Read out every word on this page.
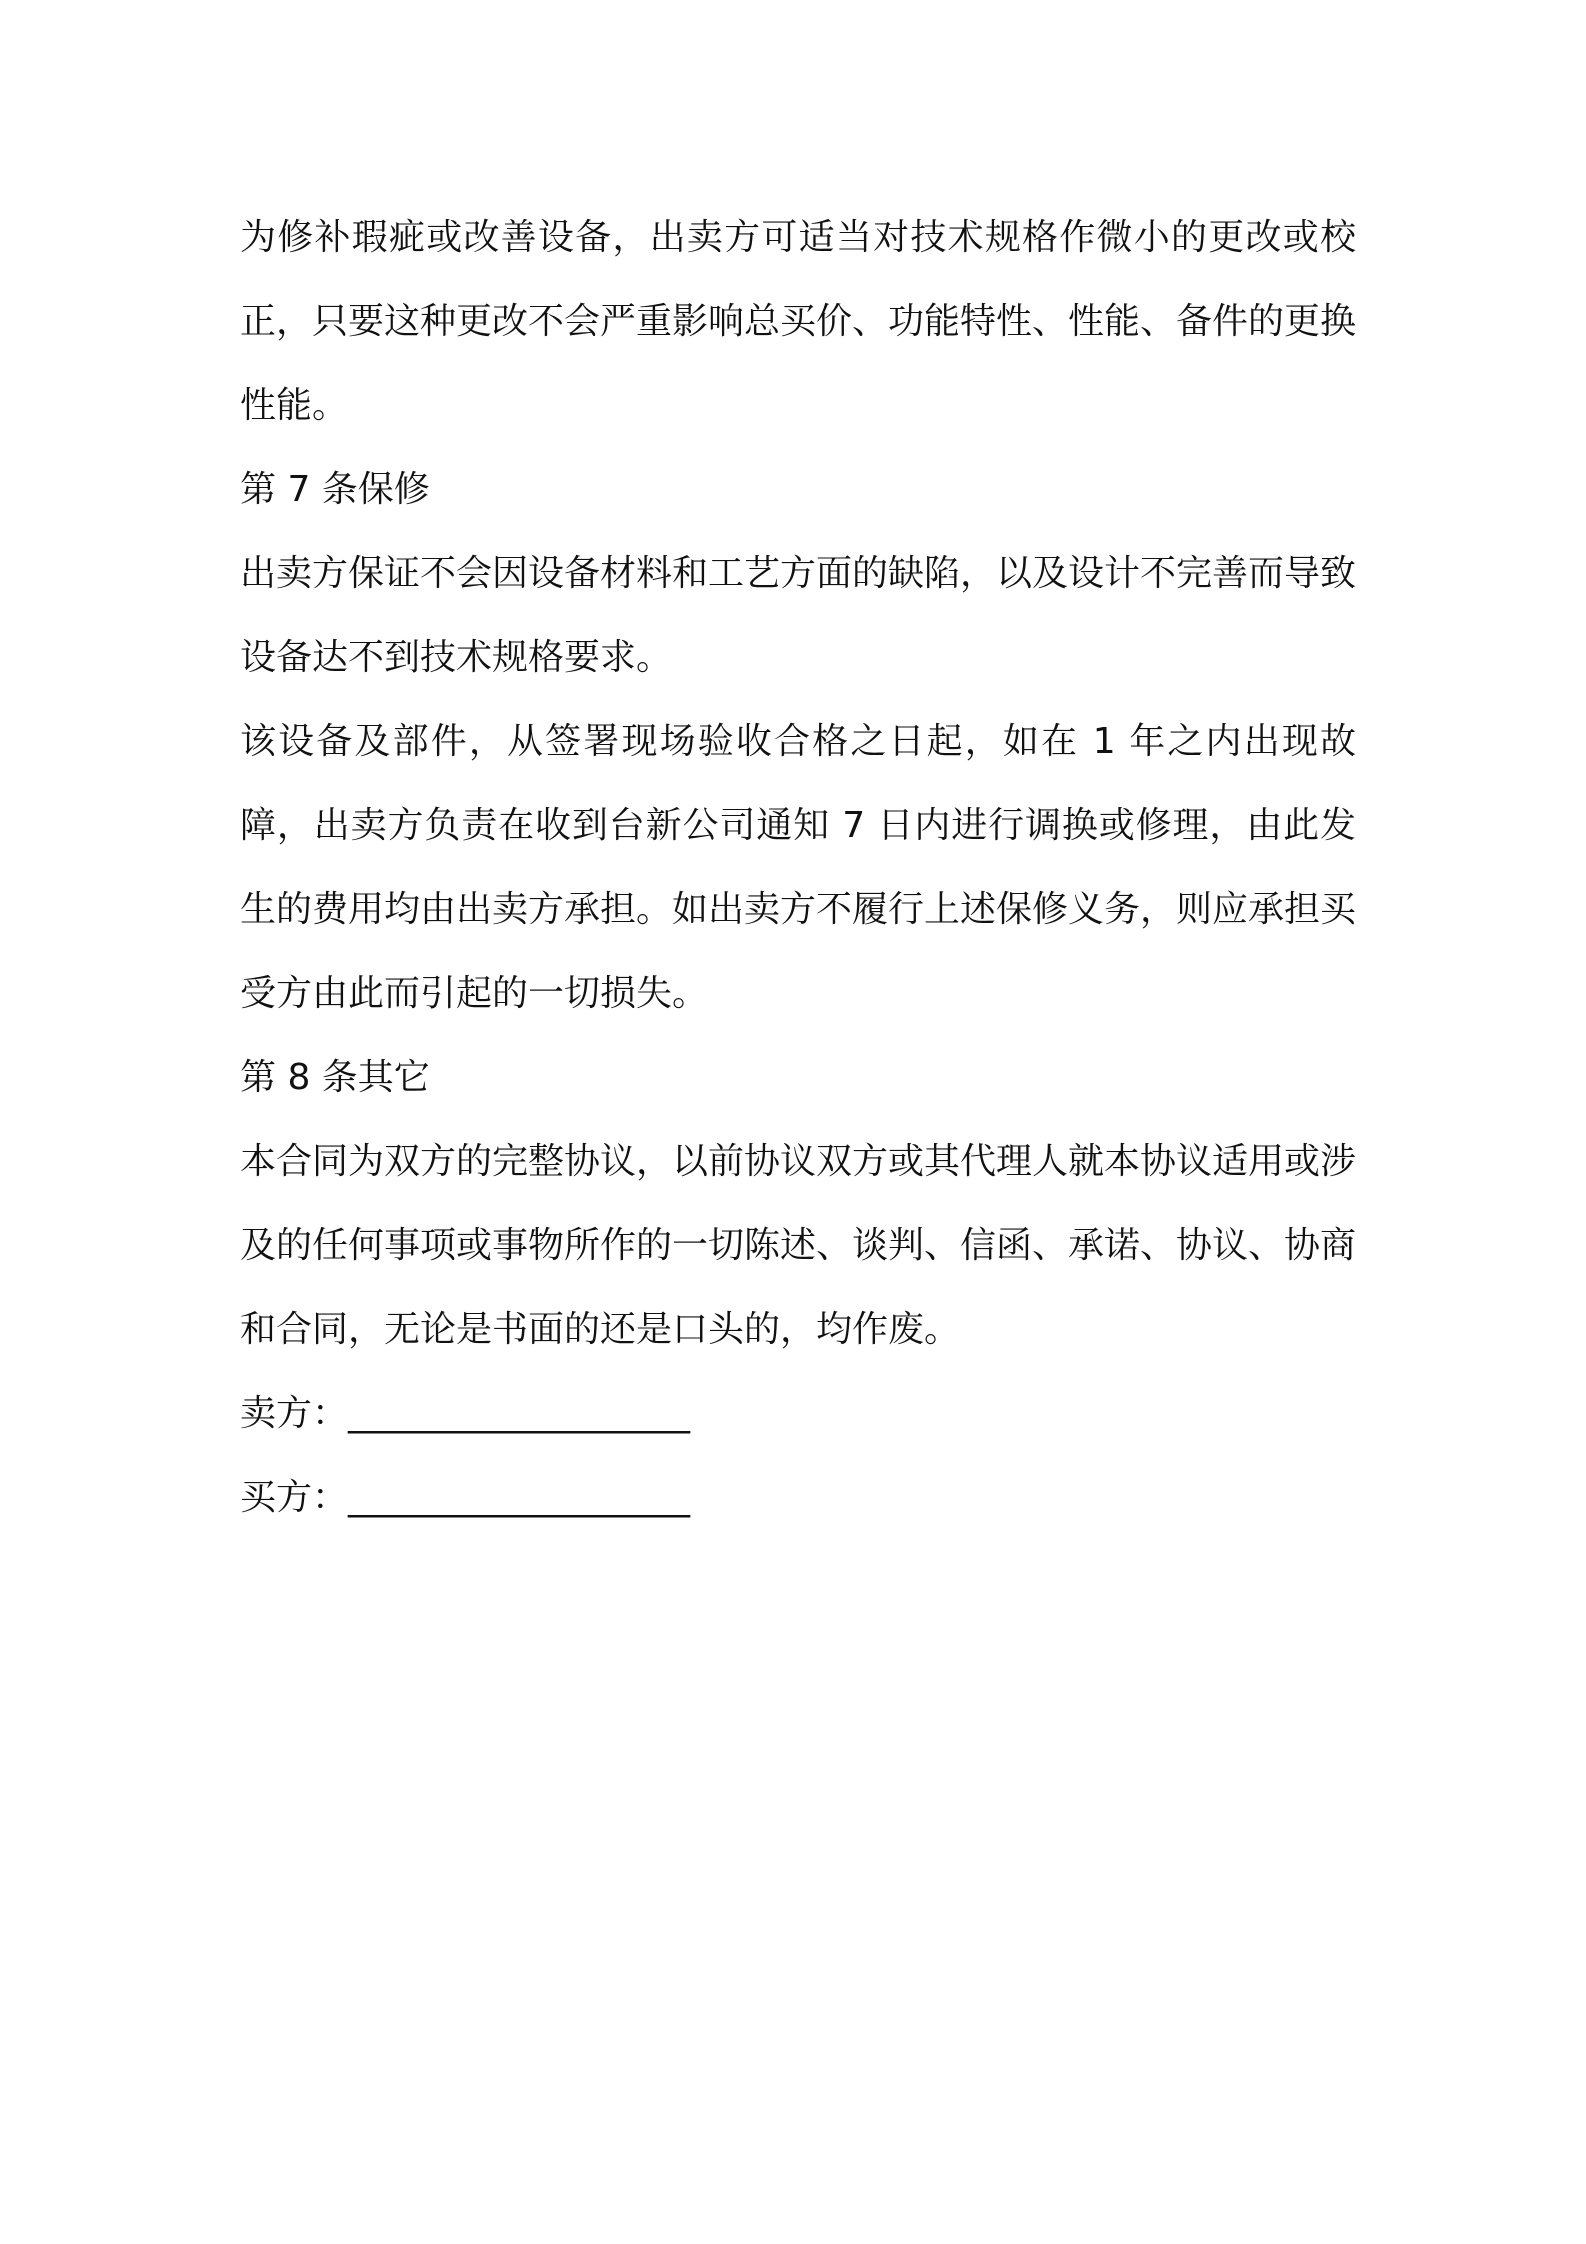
为修补瑕疵或改善设备，出卖方可适当对技术规格作微小的更改或校正，只要这种更改不会严重影响总买价、功能特性、性能、备件的更换性能。

第 7 条保修

出卖方保证不会因设备材料和工艺方面的缺陷，以及设计不完善而导致设备达不到技术规格要求。

该设备及部件，从签署现场验收合格之日起，如在 1 年之内出现故障，出卖方负责在收到台新公司通知 7 日内进行调换或修理，由此发生的费用均由出卖方承担。如出卖方不履行上述保修义务，则应承担买受方由此而引起的一切损失。

第 8 条其它

本合同为双方的完整协议，以前协议双方或其代理人就本协议适用或涉及的任何事项或事物所作的一切陈述、谈判、信函、承诺、协议、协商和合同，无论是书面的还是口头的，均作废。

卖方：___________________

买方：___________________
